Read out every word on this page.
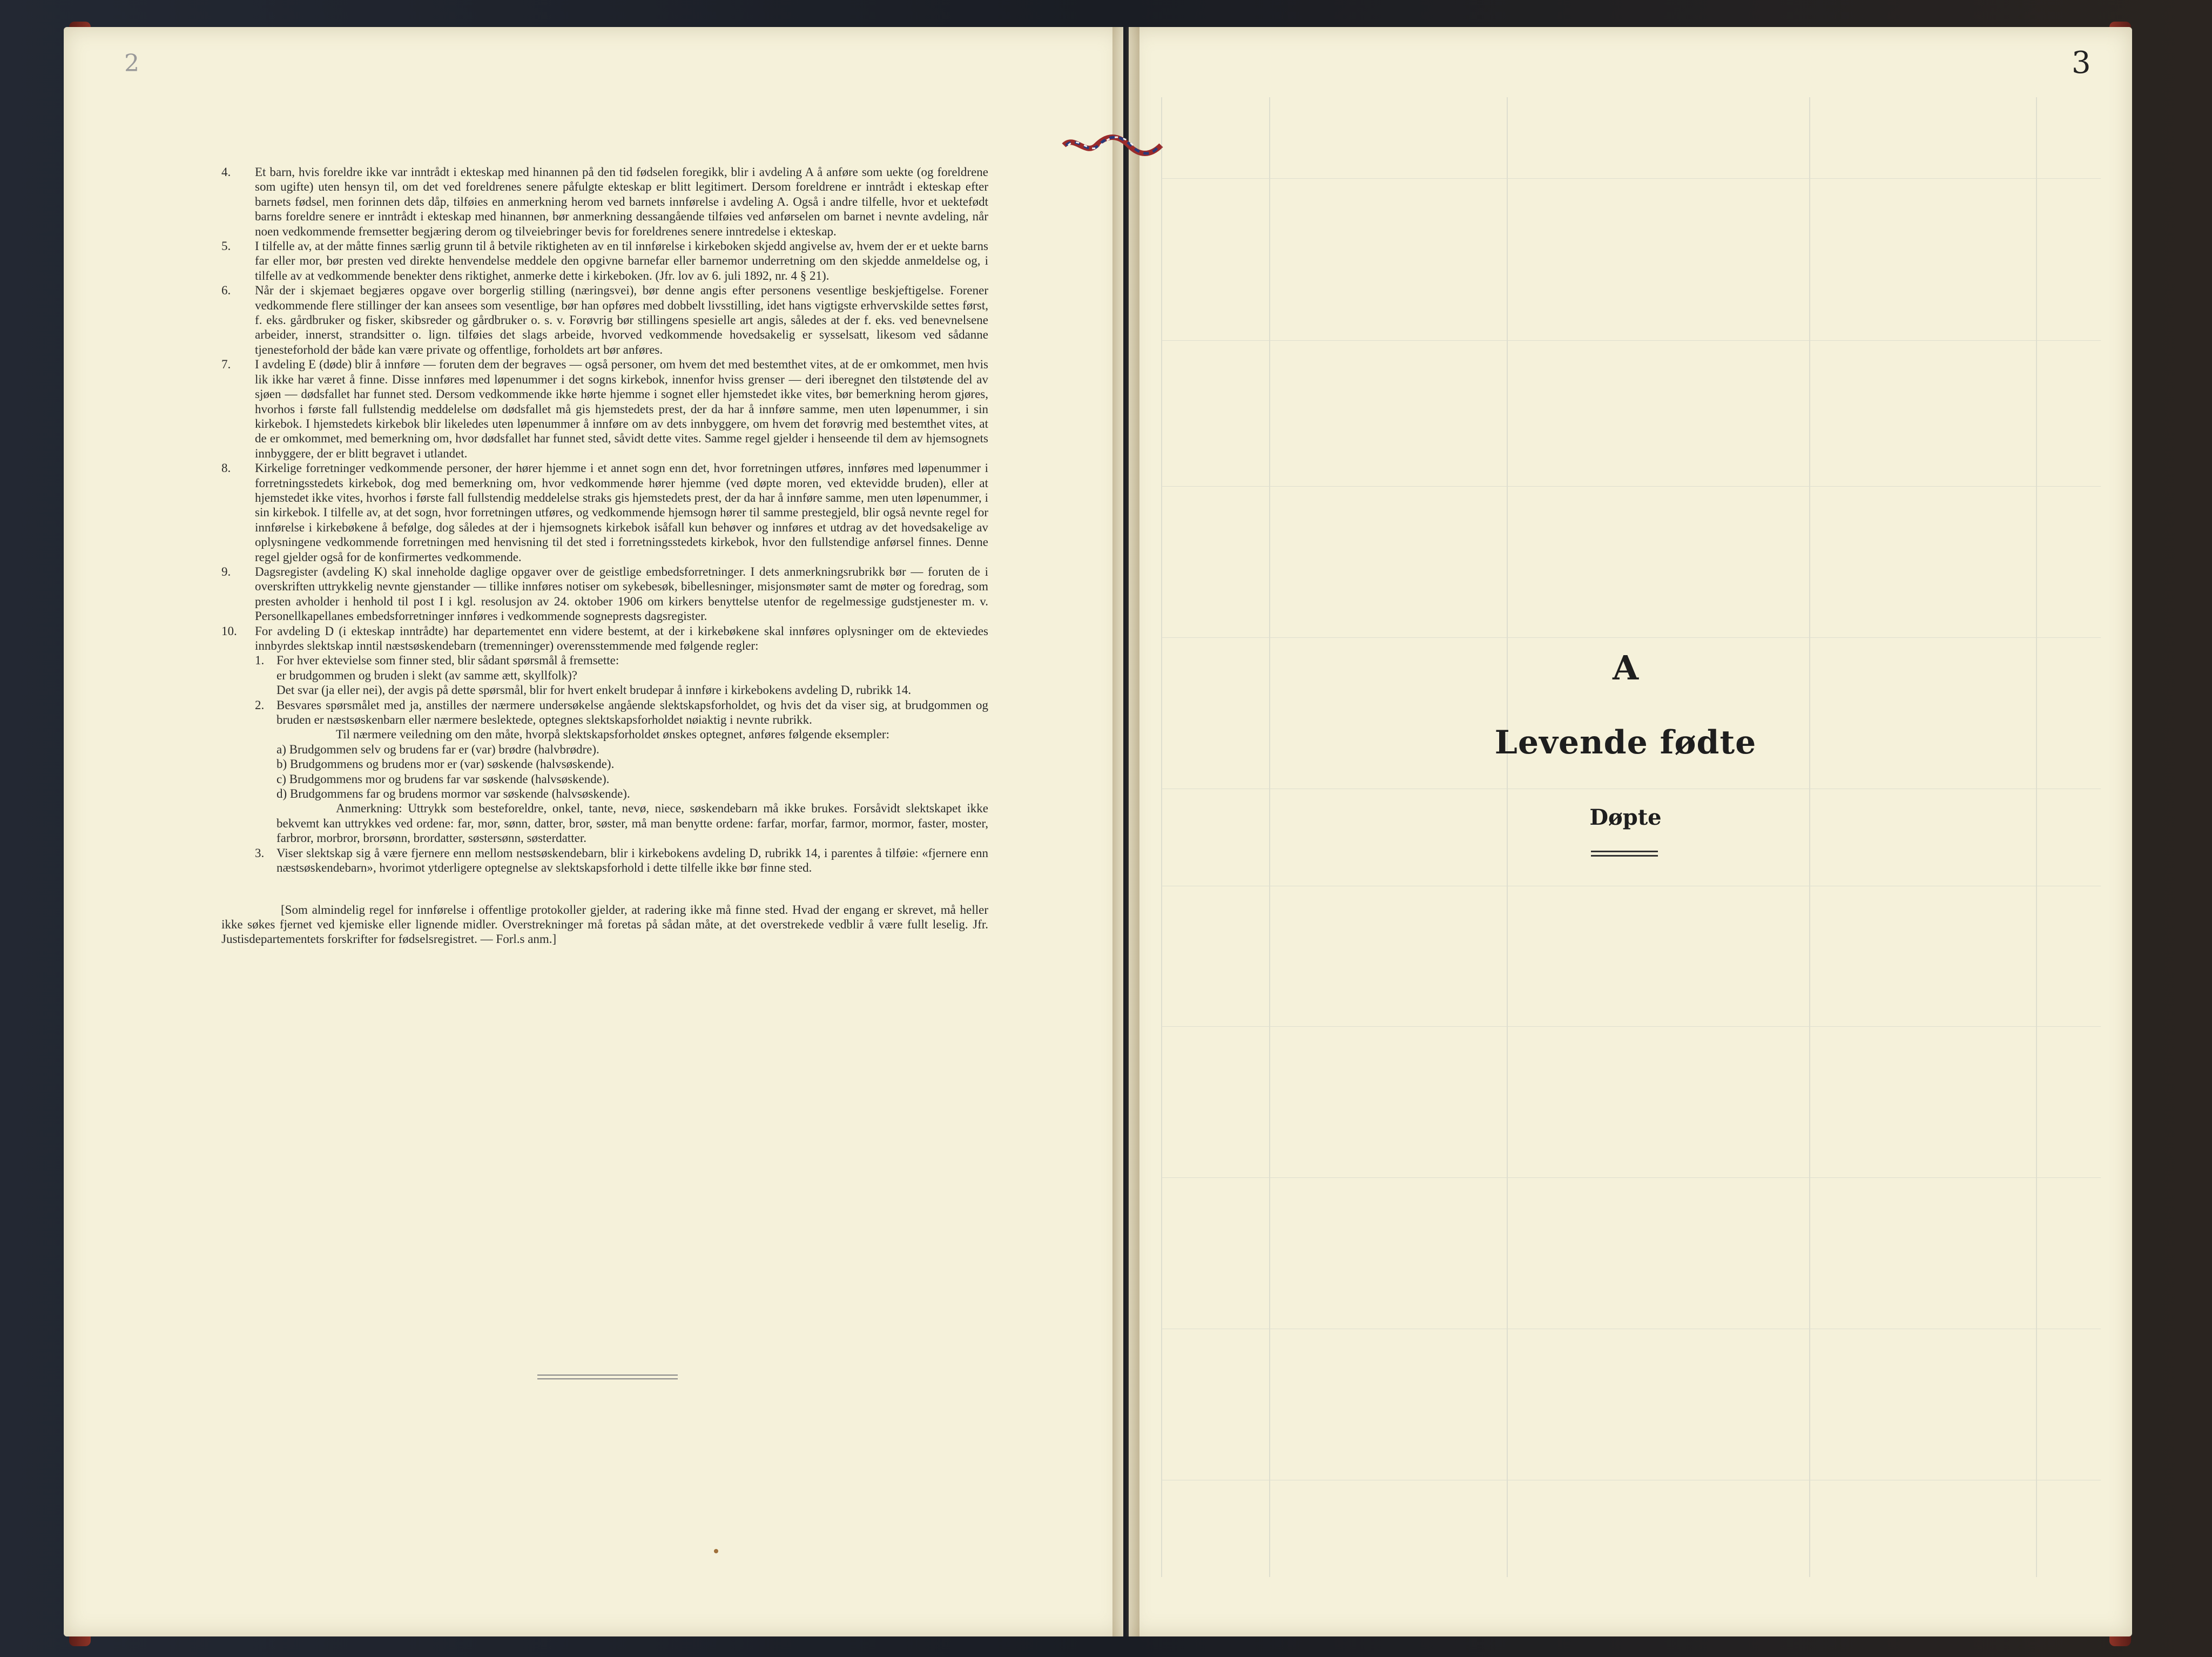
2	3
4. Et barn, hvis foreldre ikke var inntrådt i ekteskap med hinannen på den tid fødselen foregikk, blir i avdeling A å anføre som uekte (og foreldrene som ugifte) uten hensyn til, om det ved foreldrenes senere påfulgte ekteskap er blitt legitimert. Dersom foreldrene er inntrådt i ekteskap efter barnets fødsel, men forinnen dets dåp, tilføies en anmerkning herom ved barnets innførelse i avdeling A. Også i andre tilfelle, hvor et uektefødt barns foreldre senere er inntrådt i ekteskap med hinannen, bør anmerkning dessangående tilføies ved anførselen om barnet i nevnte avdeling, når noen vedkommende fremsetter begjæring derom og tilveiebringer bevis for foreldrenes senere inntredelse i ekteskap.
5. I tilfelle av, at der måtte finnes særlig grunn til å betvile riktigheten av en til innførelse i kirkeboken skjedd angivelse av, hvem der er et uekte barns far eller mor, bør presten ved direkte henvendelse meddele den opgivne barnefar eller barnemor underretning om den skjedde anmeldelse og, i tilfelle av at vedkommende benekter dens riktighet, anmerke dette i kirkeboken. (Jfr. lov av 6. juli 1892, nr. 4 § 21).
6. Når der i skjemaet begjæres opgave over borgerlig stilling (næringsvei), bør denne angis efter personens vesentlige beskjeftigelse. Forener vedkommende flere stillinger der kan ansees som vesentlige, bør han opføres med dobbelt livsstilling, idet hans vigtigste erhvervskilde settes først, f. eks. gårdbruker og fisker, skibsreder og gårdbruker o. s. v. Forøvrig bør stillingens spesielle art angis, således at der f. eks. ved benevnelsene arbeider, innerst, strandsitter o. lign. tilføies det slags arbeide, hvorved vedkommende hovedsakelig er sysselsatt, likesom ved sådanne tjenesteforhold der både kan være private og offentlige, forholdets art bør anføres.
7. I avdeling E (døde) blir å innføre — foruten dem der begraves — også personer, om hvem det med bestemthet vites, at de er omkommet, men hvis lik ikke har været å finne. Disse innføres med løpenummer i det sogns kirkebok, innenfor hviss grenser — deri iberegnet den tilstøtende del av sjøen — dødsfallet har funnet sted. Dersom vedkommende ikke hørte hjemme i sognet eller hjemstedet ikke vites, bør bemerkning herom gjøres, hvorhos i første fall fullstendig meddelelse om dødsfallet må gis hjemstedets prest, der da har å innføre samme, men uten løpenummer, i sin kirkebok. I hjemstedets kirkebok blir likeledes uten løpenummer å innføre om av dets innbyggere, om hvem det forøvrig med bestemthet vites, at de er omkommet, med bemerkning om, hvor dødsfallet har funnet sted, såvidt dette vites. Samme regel gjelder i henseende til dem av hjemsognets innbyggere, der er blitt begravet i utlandet.
8. Kirkelige forretninger vedkommende personer, der hører hjemme i et annet sogn enn det, hvor forretningen utføres, innføres med løpenummer i forretningsstedets kirkebok, dog med bemerkning om, hvor vedkommende hører hjemme (ved døpte moren, ved ektevidde bruden), eller at hjemstedet ikke vites, hvorhos i første fall fullstendig meddelelse straks gis hjemstedets prest, der da har å innføre samme, men uten løpenummer, i sin kirkebok. I tilfelle av, at det sogn, hvor forretningen utføres, og vedkommende hjemsogn hører til samme prestegjeld, blir også nevnte regel for innførelse i kirkebøkene å befølge, dog således at der i hjemsognets kirkebok isåfall kun behøver og innføres et utdrag av det hovedsakelige av oplysningene vedkommende forretningen med henvisning til det sted i forretningsstedets kirkebok, hvor den fullstendige anførsel finnes. Denne regel gjelder også for de konfirmertes vedkommende.
9. Dagsregister (avdeling K) skal inneholde daglige opgaver over de geistlige embedsforretninger. I dets anmerkningsrubrikk bør — foruten de i overskriften uttrykkelig nevnte gjenstander — tillike innføres notiser om sykebesøk, bibellesninger, misjonsmøter samt de møter og foredrag, som presten avholder i henhold til post I i kgl. resolusjon av 24. oktober 1906 om kirkers benyttelse utenfor de regelmessige gudstjenester m. v. Personellkapellanes embedsforretninger innføres i vedkommende sogneprests dagsregister.
10. For avdeling D (i ekteskap inntrådte) har departementet enn videre bestemt, at der i kirkebøkene skal innføres oplysninger om de ekteviedes innbyrdes slektskap inntil næstsøskendebarn (tremenninger) overensstemmende med følgende regler:
1. For hver ektevielse som finner sted, blir sådant spørsmål å fremsette:
er brudgommen og bruden i slekt (av samme ætt, skyllfolk)?
Det svar (ja eller nei), der avgis på dette spørsmål, blir for hvert enkelt brudepar å innføre i kirkebokens avdeling D, rubrikk 14.
2. Besvares spørsmålet med ja, anstilles der nærmere undersøkelse angående slektskapsforholdet, og hvis det da viser sig, at brudgommen og bruden er næstsøskenbarn eller nærmere beslektede, optegnes slektskapsforholdet nøiaktig i nevnte rubrikk.
Til nærmere veiledning om den måte, hvorpå slektskapsforholdet ønskes optegnet, anføres følgende eksempler:
a) Brudgommen selv og brudens far er (var) brødre (halvbrødre).
b) Brudgommens og brudens mor er (var) søskende (halvsøskende).
c) Brudgommens mor og brudens far var søskende (halvsøskende).
d) Brudgommens far og brudens mormor var søskende (halvsøskende).
Anmerkning: Uttrykk som besteforeldre, onkel, tante, nevø, niece, søskendebarn må ikke brukes. Forsåvidt slektskapet ikke bekvemt kan uttrykkes ved ordene: far, mor, sønn, datter, bror, søster, må man benytte ordene: farfar, morfar, farmor, mormor, faster, moster, farbror, morbror, brorsønn, brordatter, søstersønn, søsterdatter.
3. Viser slektskap sig å være fjernere enn mellom nestsøskendebarn, blir i kirkebokens avdeling D, rubrikk 14, i parentes å tilføie: «fjernere enn næstsøskendebarn», hvorimot ytderligere optegnelse av slektskapsforhold i dette tilfelle ikke bør finne sted.
[Som almindelig regel for innførelse i offentlige protokoller gjelder, at radering ikke må finne sted. Hvad der engang er skrevet, må heller ikke søkes fjernet ved kjemiske eller lignende midler. Overstrekninger må foretas på sådan måte, at det overstrekede vedblir å være fullt leselig. Jfr. Justisdepartementets forskrifter for fødselsregistret. — Forl.s anm.]
A
Levende fødte
Døpte
